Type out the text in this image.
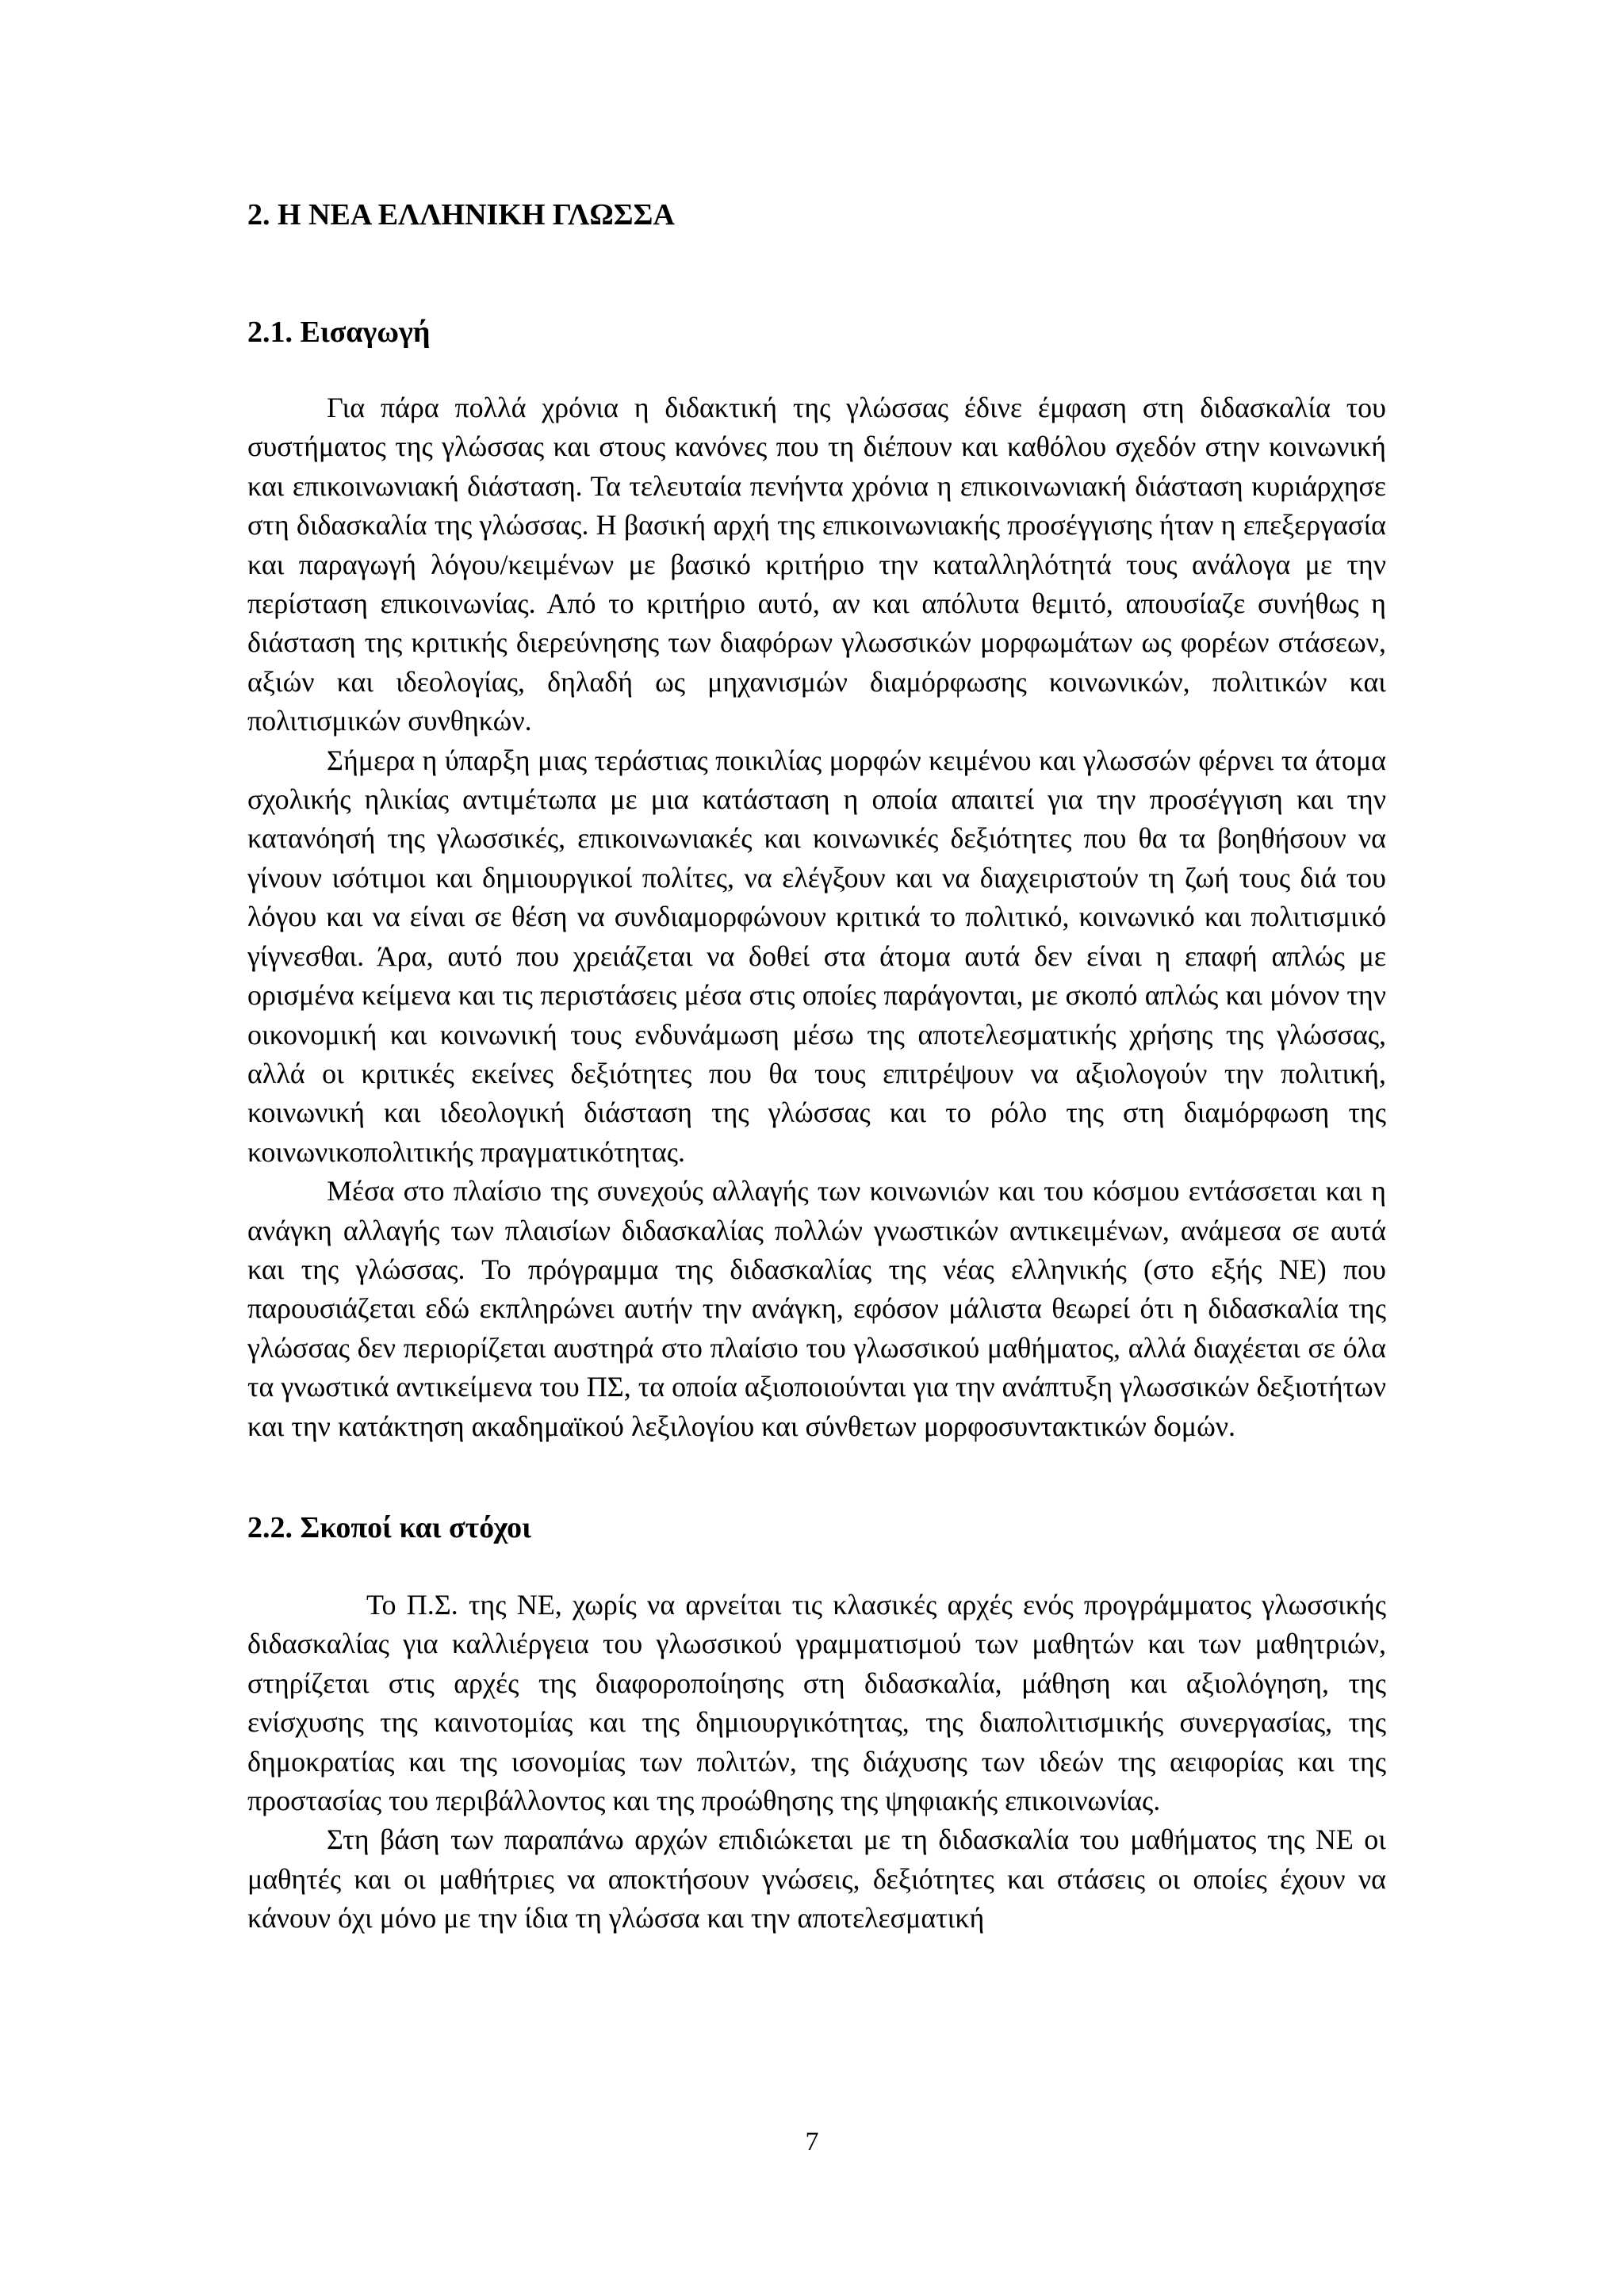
2. Η ΝΕΑ ΕΛΛΗΝΙΚΗ ΓΛΩΣΣΑ
2.1. Εισαγωγή

Για πάρα πολλά χρόνια η διδακτική της γλώσσας έδινε έμφαση στη διδασκαλία του συστήματος της γλώσσας και στους κανόνες που τη διέπουν και καθόλου σχεδόν στην κοινωνική και επικοινωνιακή διάσταση. Τα τελευταία πενήντα χρόνια η επικοινωνιακή διάσταση κυριάρχησε στη διδασκαλία της γλώσσας. Η βασική αρχή της επικοινωνιακής προσέγγισης ήταν η επεξεργασία και παραγωγή λόγου/κειμένων με βασικό κριτήριο την καταλληλότητά τους ανάλογα με την περίσταση επικοινωνίας. Από το κριτήριο αυτό, αν και απόλυτα θεμιτό, απουσίαζε συνήθως η διάσταση της κριτικής διερεύνησης των διαφόρων γλωσσικών μορφωμάτων ως φορέων στάσεων, αξιών και ιδεολογίας, δηλαδή ως μηχανισμών διαμόρφωσης κοινωνικών, πολιτικών και πολιτισμικών συνθηκών.

Σήμερα η ύπαρξη μιας τεράστιας ποικιλίας μορφών κειμένου και γλωσσών φέρνει τα άτομα σχολικής ηλικίας αντιμέτωπα με μια κατάσταση η οποία απαιτεί για την προσέγγιση και την κατανόησή της γλωσσικές, επικοινωνιακές και κοινωνικές δεξιότητες που θα τα βοηθήσουν να γίνουν ισότιμοι και δημιουργικοί πολίτες, να ελέγξουν και να διαχειριστούν τη ζωή τους διά του λόγου και να είναι σε θέση να συνδιαμορφώνουν κριτικά το πολιτικό, κοινωνικό και πολιτισμικό γίγνεσθαι. Άρα, αυτό που χρειάζεται να δοθεί στα άτομα αυτά δεν είναι η επαφή απλώς με ορισμένα κείμενα και τις περιστάσεις μέσα στις οποίες παράγονται, με σκοπό απλώς και μόνον την οικονομική και κοινωνική τους ενδυνάμωση μέσω της αποτελεσματικής χρήσης της γλώσσας, αλλά οι κριτικές εκείνες δεξιότητες που θα τους επιτρέψουν να αξιολογούν την πολιτική, κοινωνική και ιδεολογική διάσταση της γλώσσας και το ρόλο της στη διαμόρφωση της κοινωνικοπολιτικής πραγματικότητας.

Μέσα στο πλαίσιο της συνεχούς αλλαγής των κοινωνιών και του κόσμου εντάσσεται και η ανάγκη αλλαγής των πλαισίων διδασκαλίας πολλών γνωστικών αντικειμένων, ανάμεσα σε αυτά και της γλώσσας. Το πρόγραμμα της διδασκαλίας της νέας ελληνικής (στο εξής ΝΕ) που παρουσιάζεται εδώ εκπληρώνει αυτήν την ανάγκη, εφόσον μάλιστα θεωρεί ότι η διδασκαλία της γλώσσας δεν περιορίζεται αυστηρά στο πλαίσιο του γλωσσικού μαθήματος, αλλά διαχέεται σε όλα τα γνωστικά αντικείμενα του ΠΣ, τα οποία αξιοποιούνται για την ανάπτυξη γλωσσικών δεξιοτήτων και την κατάκτηση ακαδημαϊκού λεξιλογίου και σύνθετων μορφοσυντακτικών δομών.

2.2. Σκοποί και στόχοι

Το Π.Σ. της ΝΕ, χωρίς να αρνείται τις κλασικές αρχές ενός προγράμματος γλωσσικής διδασκαλίας για καλλιέργεια του γλωσσικού γραμματισμού των μαθητών και των μαθητριών, στηρίζεται στις αρχές της διαφοροποίησης στη διδασκαλία, μάθηση και αξιολόγηση, της ενίσχυσης της καινοτομίας και της δημιουργικότητας, της διαπολιτισμικής συνεργασίας, της δημοκρατίας και της ισονομίας των πολιτών, της διάχυσης των ιδεών της αειφορίας και της προστασίας του περιβάλλοντος και της προώθησης της ψηφιακής επικοινωνίας.

Στη βάση των παραπάνω αρχών επιδιώκεται με τη διδασκαλία του μαθήματος της ΝΕ οι μαθητές και οι μαθήτριες να αποκτήσουν γνώσεις, δεξιότητες και στάσεις οι οποίες έχουν να κάνουν όχι μόνο με την ίδια τη γλώσσα και την αποτελεσματική

7
